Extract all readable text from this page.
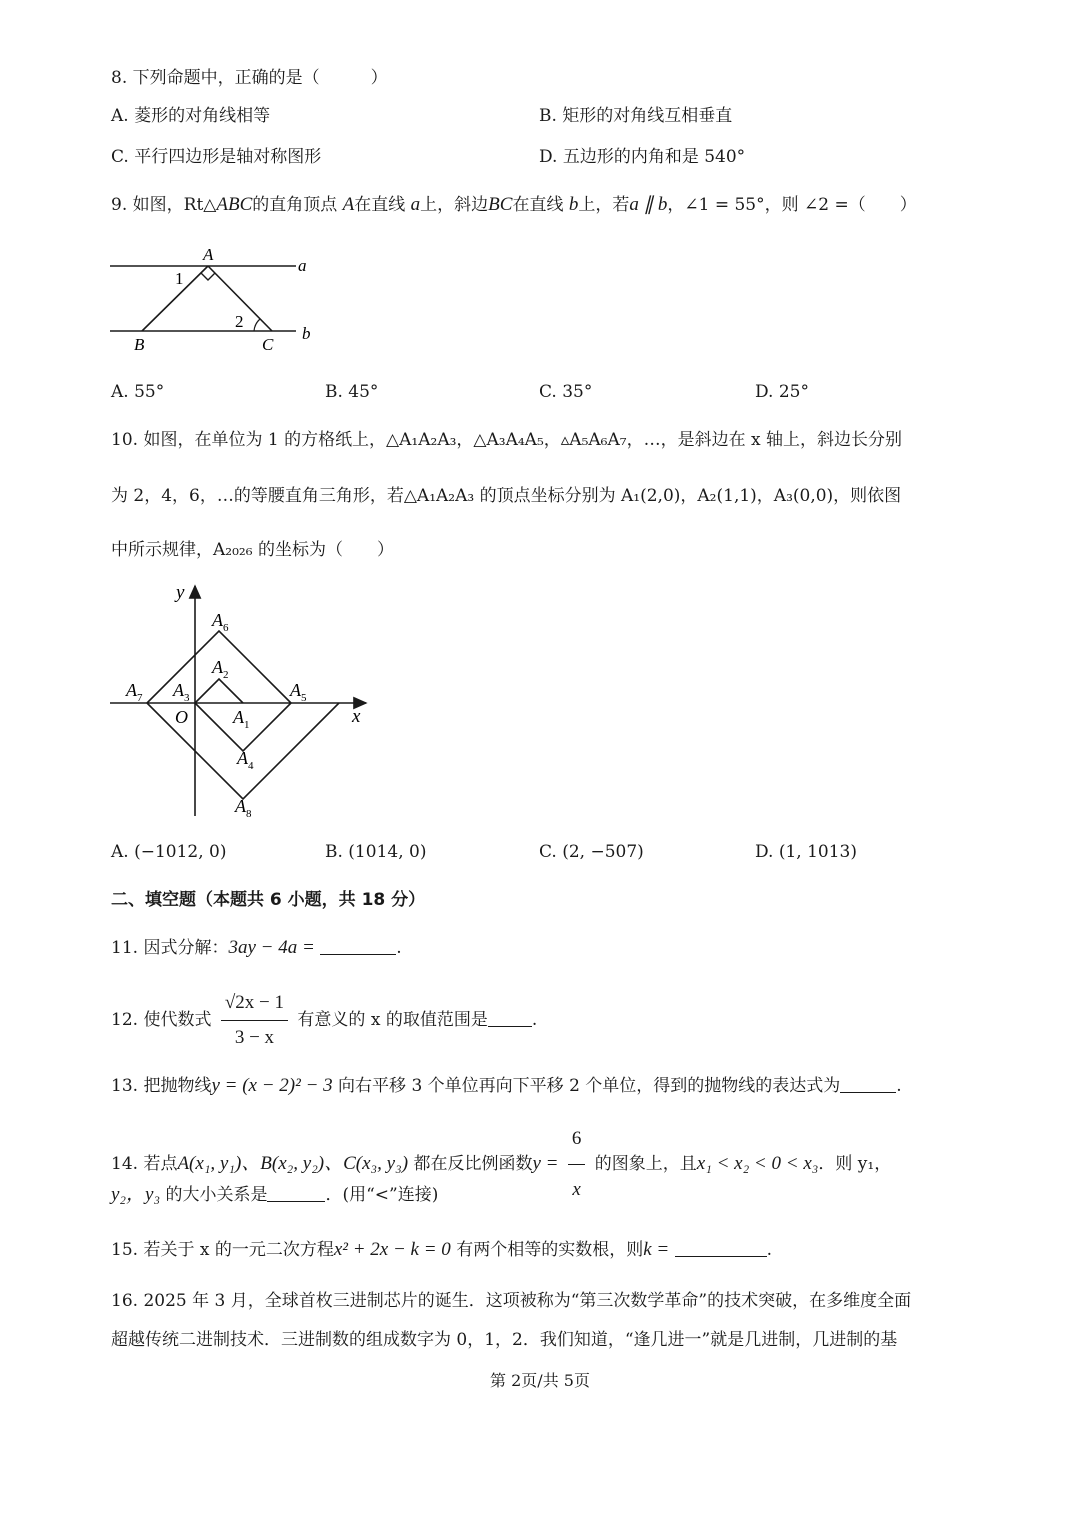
8. 下列命题中，正确的是（　　　）
A. 菱形的对角线相等	B. 矩形的对角线互相垂直
C. 平行四边形是轴对称图形	D. 五边形的内角和是 540°
9. 如图，Rt△ABC的直角顶点 A在直线 a上，斜边BC在直线 b上，若a ∥ b，∠1 = 55°，则 ∠2 =（　　）
A
1
2
B	C
a
b
A. 55°	B. 45°	C. 35°	D. 25°
10. 如图，在单位为 1 的方格纸上，△A₁A₂A₃，△A₃A₄A₅，▵A₅A₆A₇，…，是斜边在 x 轴上，斜边长分别
为 2，4，6，…的等腰直角三角形，若△A₁A₂A₃ 的顶点坐标分别为 A₁(2,0)，A₂(1,1)，A₃(0,0)，则依图
中所示规律，A₂₀₂₆ 的坐标为（　　）
y
x
O
$A_6$
$A_2$
$A_7$ $A_3$	$A_5$
$A_1$
$A_4$
$A_8$
A. (−1012, 0)	B. (1014, 0)	C. (2, −507)	D. (1, 1013)
二、填空题（本题共 6 小题，共 18 分）
11. 因式分解：3ay − 4a =	.
12. 使代数式 $\frac{√2x - 1}{3 - x}$ 有意义的 x 的取值范围是	.
13. 把抛物线y = (x − 2)² − 3 向右平移 3 个单位再向下平移 2 个单位，得到的抛物线的表达式为	.
14. 若点A(x₁, y₁)、B(x₂, y₂)、C(x₃, y₃) 都在反比例函数$y = \frac{6}{x}$ 的图象上，且x₁ < x₂ < 0 < x₃．则 y₁，
y₂，y₃ 的大小关系是	．(用“<”连接)
15. 若关于 x 的一元二次方程x² + 2x − k = 0 有两个相等的实数根，则k =	.
16. 2025 年 3 月，全球首枚三进制芯片的诞生．这项被称为“第三次数学革命”的技术突破，在多维度全面
超越传统二进制技术．三进制数的组成数字为 0，1，2．我们知道，“逢几进一”就是几进制，几进制的基
第 2页/共 5页
